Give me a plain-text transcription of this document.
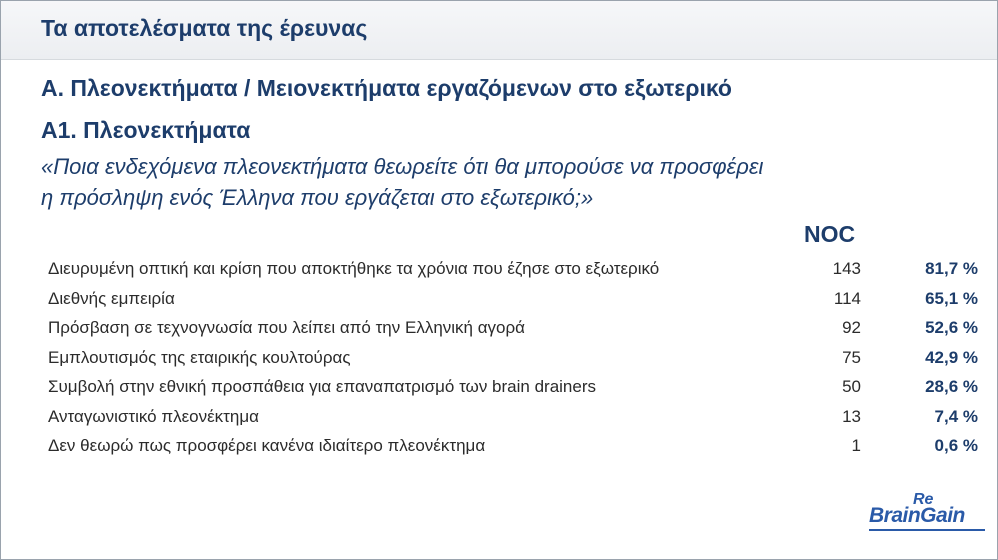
Τα αποτελέσματα της έρευνας
Α. Πλεονεκτήματα / Μειονεκτήματα εργαζόμενων στο εξωτερικό
Α1. Πλεονεκτήματα
«Ποια ενδεχόμενα πλεονεκτήματα θεωρείτε ότι θα μπορούσε να προσφέρει
η πρόσληψη ενός Έλληνα που εργάζεται στο εξωτερικό;»
NOC
Διευρυμένη οπτική και κρίση που αποκτήθηκε τα χρόνια που έζησε στο εξωτερικό	143	81,7 %
Διεθνής εμπειρία	114	65,1 %
Πρόσβαση σε τεχνογνωσία που λείπει από την Ελληνική αγορά	92	52,6 %
Εμπλουτισμός της εταιρικής κουλτούρας	75	42,9 %
Συμβολή στην εθνική προσπάθεια για επαναπατρισμό των brain drainers	50	28,6 %
Ανταγωνιστικό πλεονέκτημα	13	7,4 %
Δεν θεωρώ πως προσφέρει κανένα ιδιαίτερο πλεονέκτημα	1	0,6 %
Re
BrainGain
